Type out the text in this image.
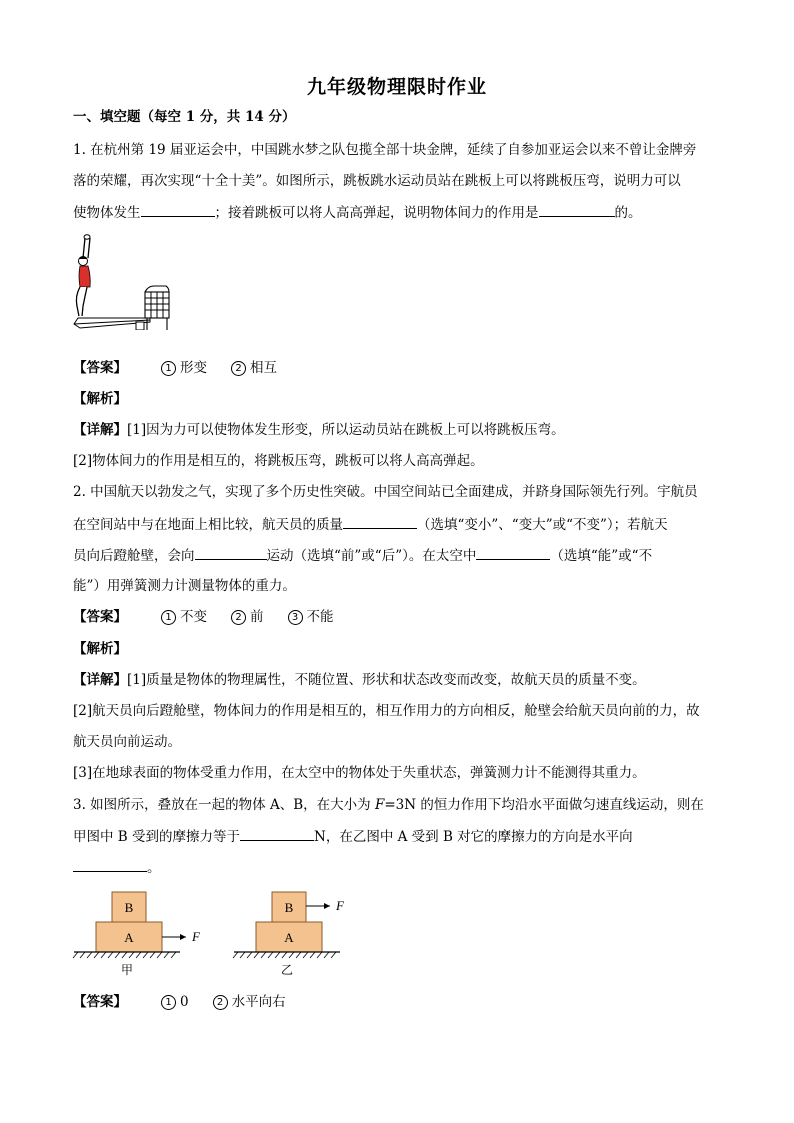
九年级物理限时作业
一、填空题（每空 1 分，共 14 分）
1. 在杭州第 19 届亚运会中，中国跳水梦之队包揽全部十块金牌，延续了自参加亚运会以来不曾让金牌旁
落的荣耀，再次实现“十全十美”。如图所示，跳板跳水运动员站在跳板上可以将跳板压弯，说明力可以
使物体发生	；接着跳板可以将人高高弹起，说明物体间力的作用是	的。
【答案】	1 形变	2 相互
【解析】
【详解】[1]因为力可以使物体发生形变，所以运动员站在跳板上可以将跳板压弯。
[2]物体间力的作用是相互的，将跳板压弯，跳板可以将人高高弹起。
2. 中国航天以勃发之气，实现了多个历史性突破。中国空间站已全面建成，并跻身国际领先行列。宇航员
在空间站中与在地面上相比较，航天员的质量	（选填“变小”、“变大”或“不变”）；若航天
员向后蹬舱壁，会向	运动（选填“前”或“后”）。在太空中	（选填“能”或“不
能”）用弹簧测力计测量物体的重力。
【答案】	1 不变	2 前	3 不能
【解析】
【详解】[1]质量是物体的物理属性，不随位置、形状和状态改变而改变，故航天员的质量不变。
[2]航天员向后蹬舱壁，物体间力的作用是相互的，相互作用力的方向相反，舱壁会给航天员向前的力，故
航天员向前运动。
[3]在地球表面的物体受重力作用，在太空中的物体处于失重状态，弹簧测力计不能测得其重力。
3. 如图所示，叠放在一起的物体 A、B，在大小为 F=3N 的恒力作用下均沿水平面做匀速直线运动，则在
甲图中 B 受到的摩擦力等于	N，在乙图中 A 受到 B 对它的摩擦力的方向是水平向
。
B
A	F
甲
B
A
F
乙
【答案】	1 0	2 水平向右
